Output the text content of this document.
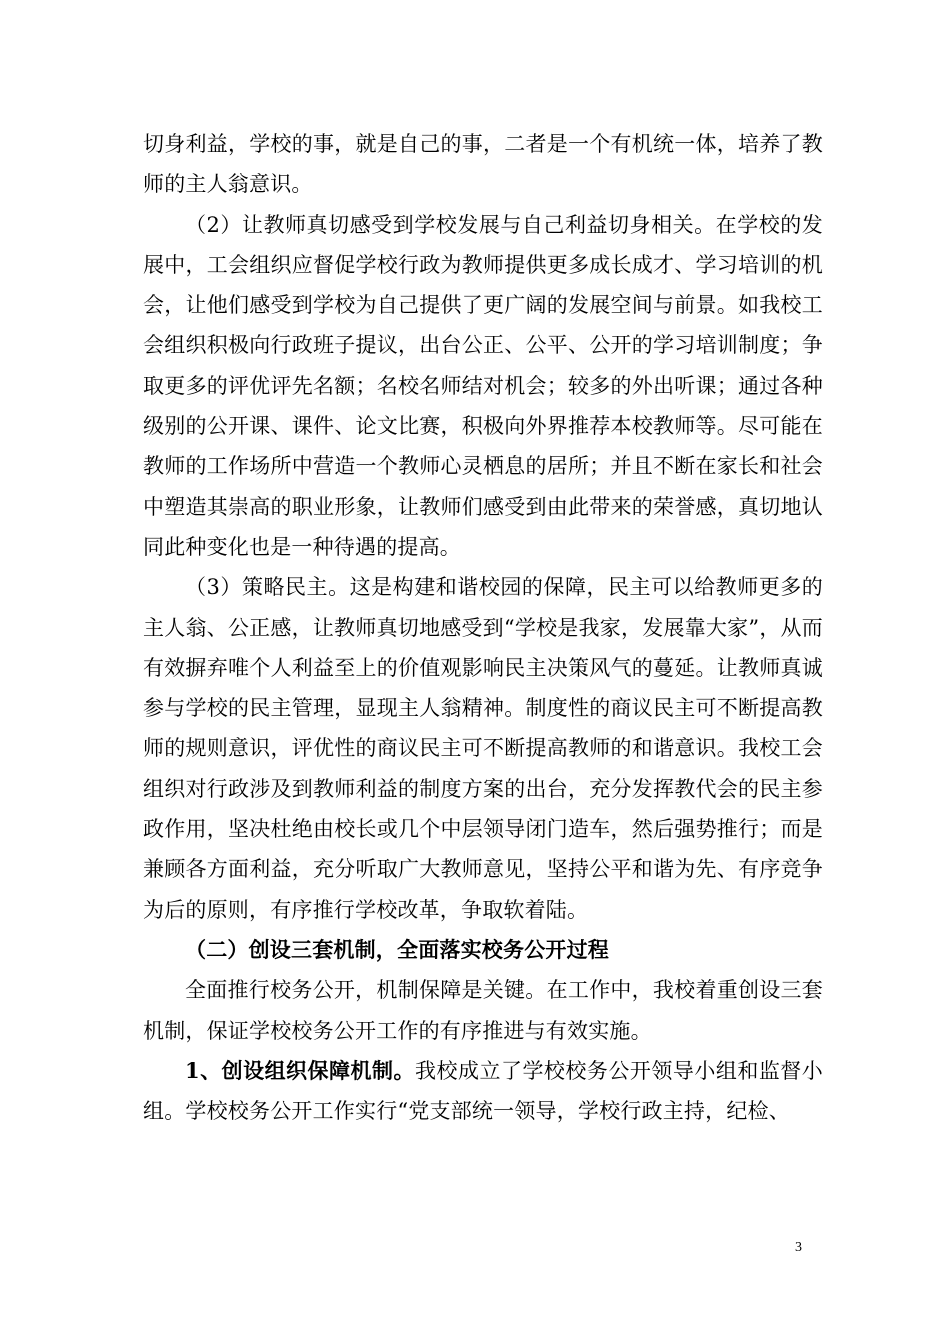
切身利益，学校的事，就是自己的事，二者是一个有机统一体，培养了教师的主人翁意识。

（2）让教师真切感受到学校发展与自己利益切身相关。在学校的发展中，工会组织应督促学校行政为教师提供更多成长成才、学习培训的机会，让他们感受到学校为自己提供了更广阔的发展空间与前景。如我校工会组织积极向行政班子提议，出台公正、公平、公开的学习培训制度；争取更多的评优评先名额；名校名师结对机会；较多的外出听课；通过各种级别的公开课、课件、论文比赛，积极向外界推荐本校教师等。尽可能在教师的工作场所中营造一个教师心灵栖息的居所；并且不断在家长和社会中塑造其崇高的职业形象，让教师们感受到由此带来的荣誉感，真切地认同此种变化也是一种待遇的提高。

（3）策略民主。这是构建和谐校园的保障，民主可以给教师更多的主人翁、公正感，让教师真切地感受到“学校是我家，发展靠大家”，从而有效摒弃唯个人利益至上的价值观影响民主决策风气的蔓延。让教师真诚参与学校的民主管理，显现主人翁精神。制度性的商议民主可不断提高教师的规则意识，评优性的商议民主可不断提高教师的和谐意识。我校工会组织对行政涉及到教师利益的制度方案的出台，充分发挥教代会的民主参政作用，坚决杜绝由校长或几个中层领导闭门造车，然后强势推行；而是兼顾各方面利益，充分听取广大教师意见，坚持公平和谐为先、有序竞争为后的原则，有序推行学校改革，争取软着陆。

（二）创设三套机制，全面落实校务公开过程

全面推行校务公开，机制保障是关键。在工作中，我校着重创设三套机制，保证学校校务公开工作的有序推进与有效实施。

1、创设组织保障机制。我校成立了学校校务公开领导小组和监督小组。学校校务公开工作实行“党支部统一领导，学校行政主持，纪检、

3
